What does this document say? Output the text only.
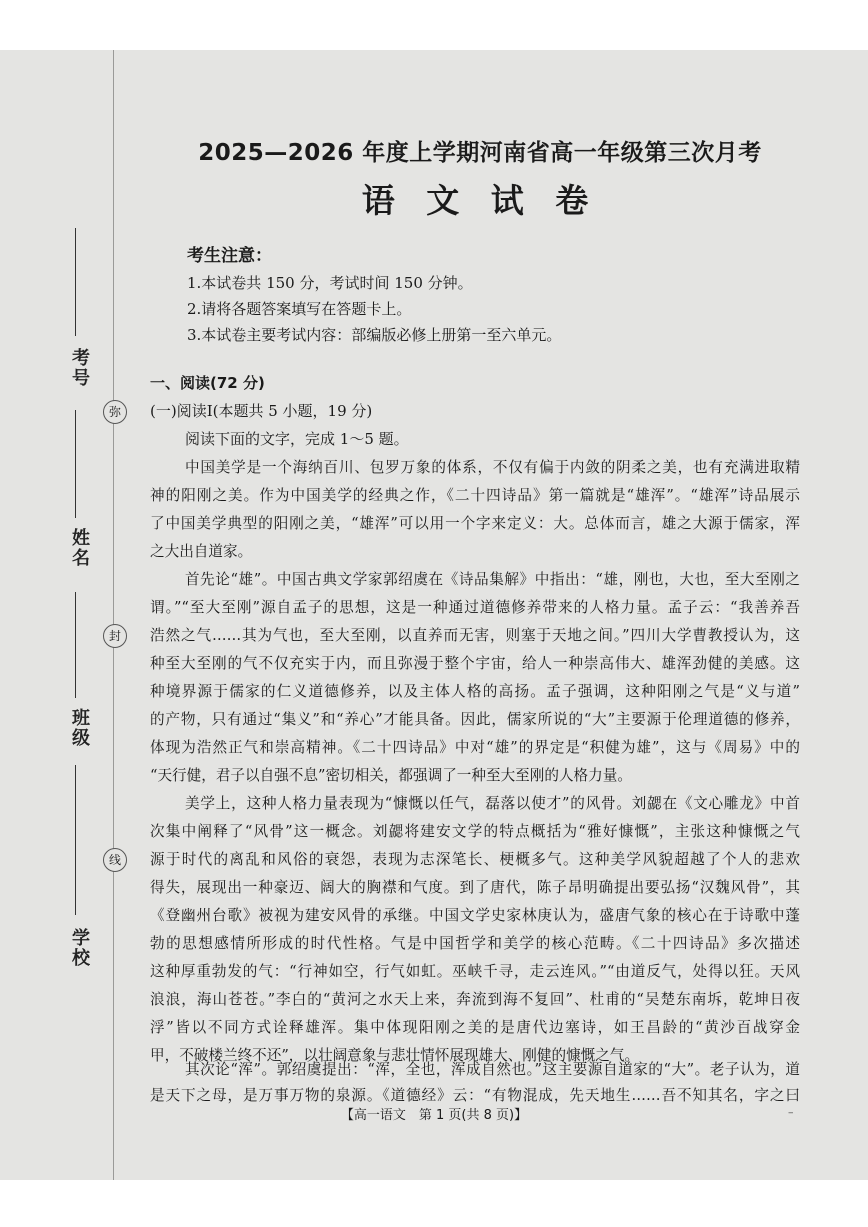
考号
姓名
班级
学校
弥
封
线
2025—2026 年度上学期河南省高一年级第三次月考
语 文 试 卷
考生注意：
1.本试卷共 150 分，考试时间 150 分钟。
2.请将各题答案填写在答题卡上。
3.本试卷主要考试内容：部编版必修上册第一至六单元。
一、阅读(72 分)
(一)阅读Ⅰ(本题共 5 小题，19 分)
阅读下面的文字，完成 1～5 题。
中国美学是一个海纳百川、包罗万象的体系，不仅有偏于内敛的阴柔之美，也有充满进取精
神的阳刚之美。作为中国美学的经典之作，《二十四诗品》第一篇就是“雄浑”。“雄浑”诗品展示
了中国美学典型的阳刚之美，“雄浑”可以用一个字来定义：大。总体而言，雄之大源于儒家，浑
之大出自道家。
首先论“雄”。中国古典文学家郭绍虞在《诗品集解》中指出：“雄，刚也，大也，至大至刚之
谓。”“至大至刚”源自孟子的思想，这是一种通过道德修养带来的人格力量。孟子云：“我善养吾
浩然之气……其为气也，至大至刚，以直养而无害，则塞于天地之间。”四川大学曹教授认为，这
种至大至刚的气不仅充实于内，而且弥漫于整个宇宙，给人一种崇高伟大、雄浑劲健的美感。这
种境界源于儒家的仁义道德修养，以及主体人格的高扬。孟子强调，这种阳刚之气是“义与道”
的产物，只有通过“集义”和“养心”才能具备。因此，儒家所说的“大”主要源于伦理道德的修养，
体现为浩然正气和崇高精神。《二十四诗品》中对“雄”的界定是“积健为雄”，这与《周易》中的
“天行健，君子以自强不息”密切相关，都强调了一种至大至刚的人格力量。
美学上，这种人格力量表现为“慷慨以任气，磊落以使才”的风骨。刘勰在《文心雕龙》中首
次集中阐释了“风骨”这一概念。刘勰将建安文学的特点概括为“雅好慷慨”，主张这种慷慨之气
源于时代的离乱和风俗的衰怨，表现为志深笔长、梗概多气。这种美学风貌超越了个人的悲欢
得失，展现出一种豪迈、阔大的胸襟和气度。到了唐代，陈子昂明确提出要弘扬“汉魏风骨”，其
《登幽州台歌》被视为建安风骨的承继。中国文学史家林庚认为，盛唐气象的核心在于诗歌中蓬
勃的思想感情所形成的时代性格。气是中国哲学和美学的核心范畴。《二十四诗品》多次描述
这种厚重勃发的气：“行神如空，行气如虹。巫峡千寻，走云连风。”“由道反气，处得以狂。天风
浪浪，海山苍苍。”李白的“黄河之水天上来，奔流到海不复回”、杜甫的“吴楚东南坼，乾坤日夜
浮”皆以不同方式诠释雄浑。集中体现阳刚之美的是唐代边塞诗，如王昌龄的“黄沙百战穿金
甲，不破楼兰终不还”，以壮阔意象与悲壮情怀展现雄大、刚健的慷慨之气。
其次论“浑”。郭绍虞提出：“浑，全也，浑成自然也。”这主要源自道家的“大”。老子认为，道
是天下之母，是万事万物的泉源。《道德经》云：“有物混成，先天地生……吾不知其名，字之曰
【高一语文　第 1 页(共 8 页)】	–
